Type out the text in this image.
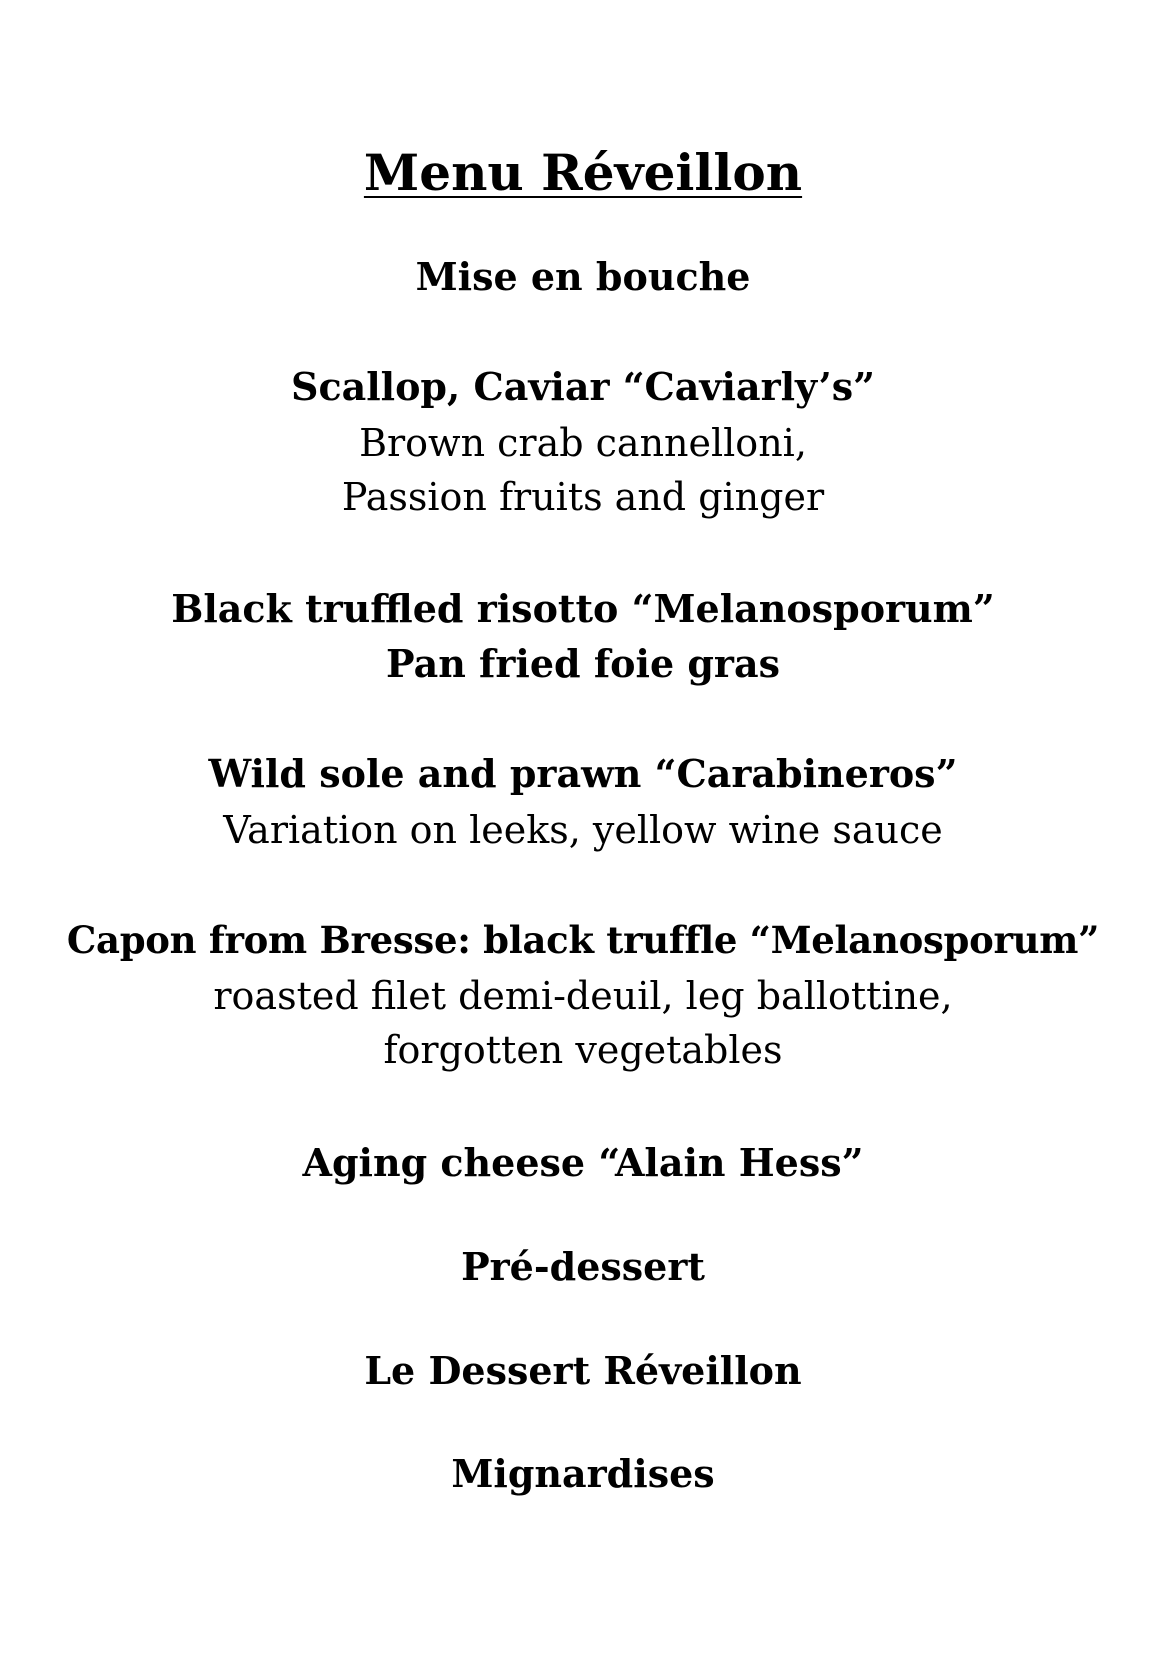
Menu Réveillon
Mise en bouche
Scallop, Caviar “Caviarly’s”
Brown crab cannelloni,
Passion fruits and ginger
Black truffled risotto “Melanosporum”
Pan fried foie gras
Wild sole and prawn “Carabineros”
Variation on leeks, yellow wine sauce
Capon from Bresse: black truffle “Melanosporum”
roasted filet demi-deuil, leg ballottine,
forgotten vegetables
Aging cheese “Alain Hess”
Pré-dessert
Le Dessert Réveillon
Mignardises
